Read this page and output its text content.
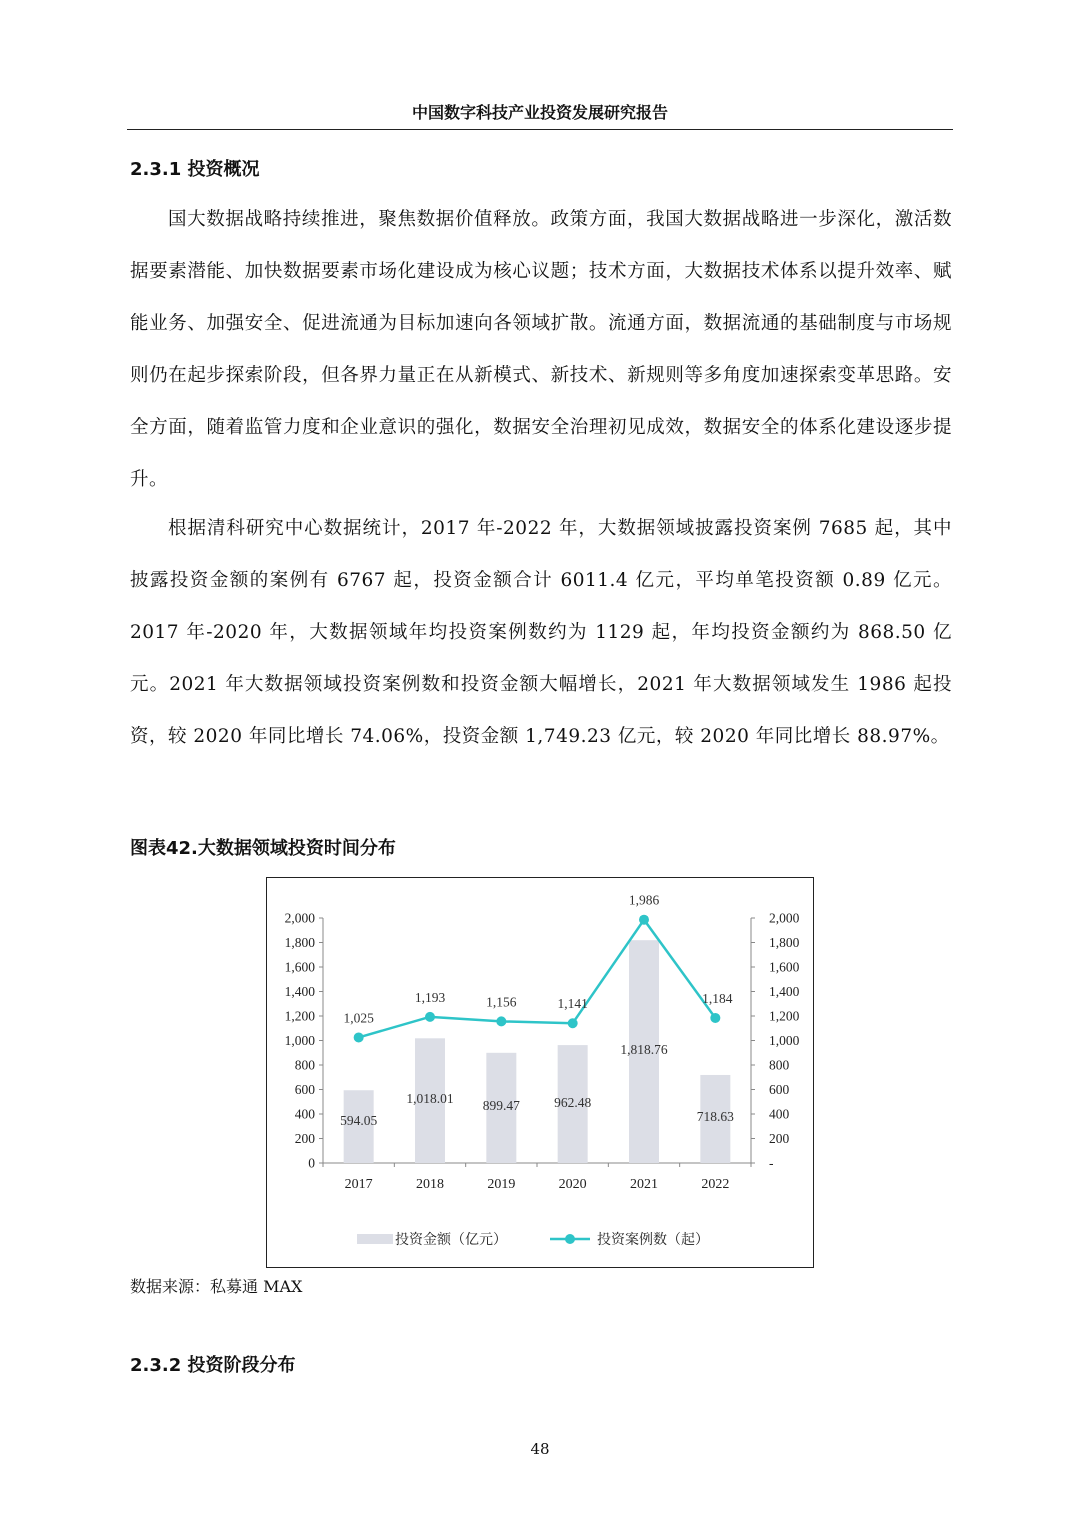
中国数字科技产业投资发展研究报告
2.3.1 投资概况

国大数据战略持续推进，聚焦数据价值释放。政策方面，我国大数据战略进一步深化，激活数据要素潜能、加快数据要素市场化建设成为核心议题；技术方面，大数据技术体系以提升效率、赋能业务、加强安全、促进流通为目标加速向各领域扩散。流通方面，数据流通的基础制度与市场规则仍在起步探索阶段，但各界力量正在从新模式、新技术、新规则等多角度加速探索变革思路。安全方面，随着监管力度和企业意识的强化，数据安全治理初见成效，数据安全的体系化建设逐步提升。

根据清科研究中心数据统计，2017 年-2022 年，大数据领域披露投资案例 7685 起，其中披露投资金额的案例有 6767 起，投资金额合计 6011.4 亿元，平均单笔投资额 0.89 亿元。2017 年-2020 年，大数据领域年均投资案例数约为 1129 起，年均投资金额约为 868.50 亿元。2021 年大数据领域投资案例数和投资金额大幅增长，2021 年大数据领域发生 1986 起投资，较 2020 年同比增长 74.06%，投资金额 1,749.23 亿元，较 2020 年同比增长 88.97%。

图表42.大数据领域投资时间分布
0
200
400
600
800
1,000
1,200
1,400
1,600
1,800
2,000
-
200
400
600
800
1,000
1,200
1,400
1,600
1,800
2,000
2017	2018	2019	2020	2021	2022
594.05
1,018.01 899.47	962.48
1,818.76
718.63
1,025
1,193	1,156	1,141
1,986
1,184
投资金额（亿元）	投资案例数（起）
数据来源：私募通 MAX
2.3.2 投资阶段分布
48
